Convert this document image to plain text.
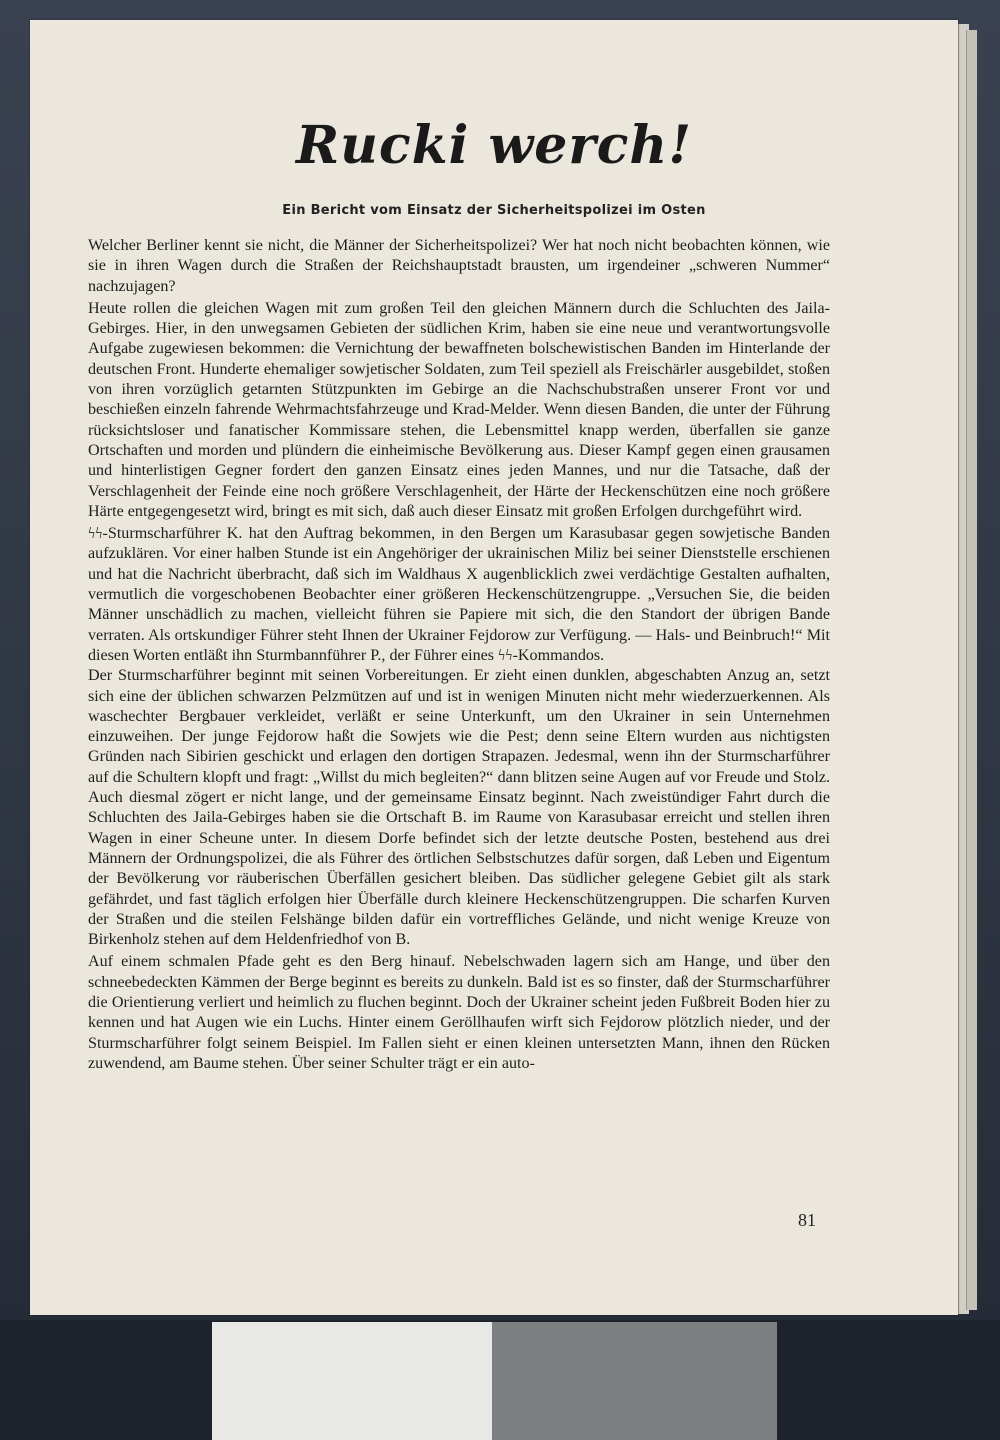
Rucki werch!
Ein Bericht vom Einsatz der Sicherheitspolizei im Osten

Welcher Berliner kennt sie nicht, die Männer der Sicherheitspolizei? Wer hat noch nicht beobachten können, wie sie in ihren Wagen durch die Straßen der Reichshauptstadt brausten, um irgendeiner „schweren Nummer“ nachzujagen?

Heute rollen die gleichen Wagen mit zum großen Teil den gleichen Männern durch die Schluchten des Jaila-Gebirges. Hier, in den unwegsamen Gebieten der südlichen Krim, haben sie eine neue und verantwortungsvolle Aufgabe zugewiesen bekommen: die Vernichtung der bewaffneten bolschewistischen Banden im Hinterlande der deutschen Front. Hunderte ehemaliger sowjetischer Soldaten, zum Teil speziell als Freischärler ausgebildet, stoßen von ihren vorzüglich getarnten Stützpunkten im Gebirge an die Nachschubstraßen unserer Front vor und beschießen einzeln fahrende Wehrmachtsfahrzeuge und Krad-Melder. Wenn diesen Banden, die unter der Führung rücksichtsloser und fanatischer Kommissare stehen, die Lebensmittel knapp werden, überfallen sie ganze Ortschaften und morden und plündern die einheimische Bevölkerung aus. Dieser Kampf gegen einen grausamen und hinterlistigen Gegner fordert den ganzen Einsatz eines jeden Mannes, und nur die Tatsache, daß der Verschlagenheit der Feinde eine noch größere Verschlagenheit, der Härte der Heckenschützen eine noch größere Härte entgegengesetzt wird, bringt es mit sich, daß auch dieser Einsatz mit großen Erfolgen durchgeführt wird.

ϟϟ-Sturmscharführer K. hat den Auftrag bekommen, in den Bergen um Karasubasar gegen sowjetische Banden aufzuklären. Vor einer halben Stunde ist ein Angehöriger der ukrainischen Miliz bei seiner Dienststelle erschienen und hat die Nachricht überbracht, daß sich im Waldhaus X augenblicklich zwei verdächtige Gestalten aufhalten, vermutlich die vorgeschobenen Beobachter einer größeren Heckenschützengruppe. „Versuchen Sie, die beiden Männer unschädlich zu machen, vielleicht führen sie Papiere mit sich, die den Standort der übrigen Bande verraten. Als ortskundiger Führer steht Ihnen der Ukrainer Fejdorow zur Verfügung. — Hals- und Beinbruch!“ Mit diesen Worten entläßt ihn Sturmbannführer P., der Führer eines ϟϟ-Kommandos.

Der Sturmscharführer beginnt mit seinen Vorbereitungen. Er zieht einen dunklen, abgeschabten Anzug an, setzt sich eine der üblichen schwarzen Pelzmützen auf und ist in wenigen Minuten nicht mehr wiederzuerkennen. Als waschechter Bergbauer verkleidet, verläßt er seine Unterkunft, um den Ukrainer in sein Unternehmen einzuweihen. Der junge Fejdorow haßt die Sowjets wie die Pest; denn seine Eltern wurden aus nichtigsten Gründen nach Sibirien geschickt und erlagen den dortigen Strapazen. Jedesmal, wenn ihn der Sturmscharführer auf die Schultern klopft und fragt: „Willst du mich begleiten?“ dann blitzen seine Augen auf vor Freude und Stolz. Auch diesmal zögert er nicht lange, und der gemeinsame Einsatz beginnt. Nach zweistündiger Fahrt durch die Schluchten des Jaila-Gebirges haben sie die Ortschaft B. im Raume von Karasubasar erreicht und stellen ihren Wagen in einer Scheune unter. In diesem Dorfe befindet sich der letzte deutsche Posten, bestehend aus drei Männern der Ordnungspolizei, die als Führer des örtlichen Selbstschutzes dafür sorgen, daß Leben und Eigentum der Bevölkerung vor räuberischen Überfällen gesichert bleiben. Das südlicher gelegene Gebiet gilt als stark gefährdet, und fast täglich erfolgen hier Überfälle durch kleinere Heckenschützengruppen. Die scharfen Kurven der Straßen und die steilen Felshänge bilden dafür ein vortreffliches Gelände, und nicht wenige Kreuze von Birkenholz stehen auf dem Heldenfriedhof von B.

Auf einem schmalen Pfade geht es den Berg hinauf. Nebelschwaden lagern sich am Hange, und über den schneebedeckten Kämmen der Berge beginnt es bereits zu dunkeln. Bald ist es so finster, daß der Sturmscharführer die Orientierung verliert und heimlich zu fluchen beginnt. Doch der Ukrainer scheint jeden Fußbreit Boden hier zu kennen und hat Augen wie ein Luchs. Hinter einem Geröllhaufen wirft sich Fejdorow plötzlich nieder, und der Sturmscharführer folgt seinem Beispiel. Im Fallen sieht er einen kleinen untersetzten Mann, ihnen den Rücken zuwendend, am Baume stehen. Über seiner Schulter trägt er ein auto-

81
